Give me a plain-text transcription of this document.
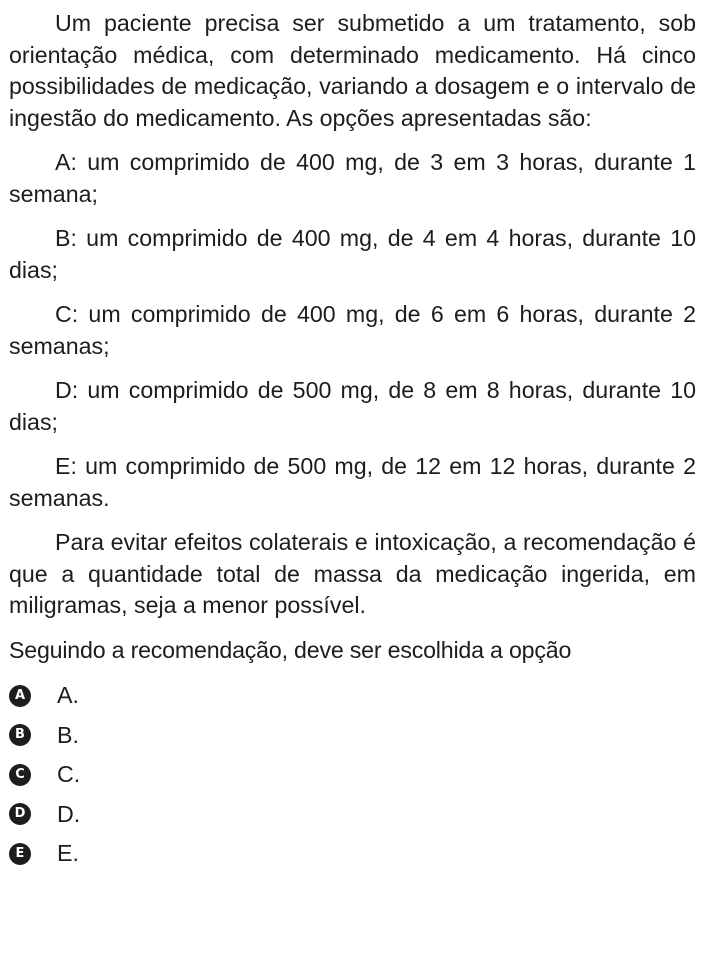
Um paciente precisa ser submetido a um tratamento, sob orientação médica, com determinado medicamento. Há cinco possibilidades de medicação, variando a dosagem e o intervalo de ingestão do medicamento. As opções apresentadas são:

A: um comprimido de 400 mg, de 3 em 3 horas, durante 1 semana;

B: um comprimido de 400 mg, de 4 em 4 horas, durante 10 dias;

C: um comprimido de 400 mg, de 6 em 6 horas, durante 2 semanas;

D: um comprimido de 500 mg, de 8 em 8 horas, durante 10 dias;

E: um comprimido de 500 mg, de 12 em 12 horas, durante 2 semanas.

Para evitar efeitos colaterais e intoxicação, a recomendação é que a quantidade total de massa da medicação ingerida, em miligramas, seja a menor possível.

Seguindo a recomendação, deve ser escolhida a opção

A A.
B B.
C C.
D D.
E E.
